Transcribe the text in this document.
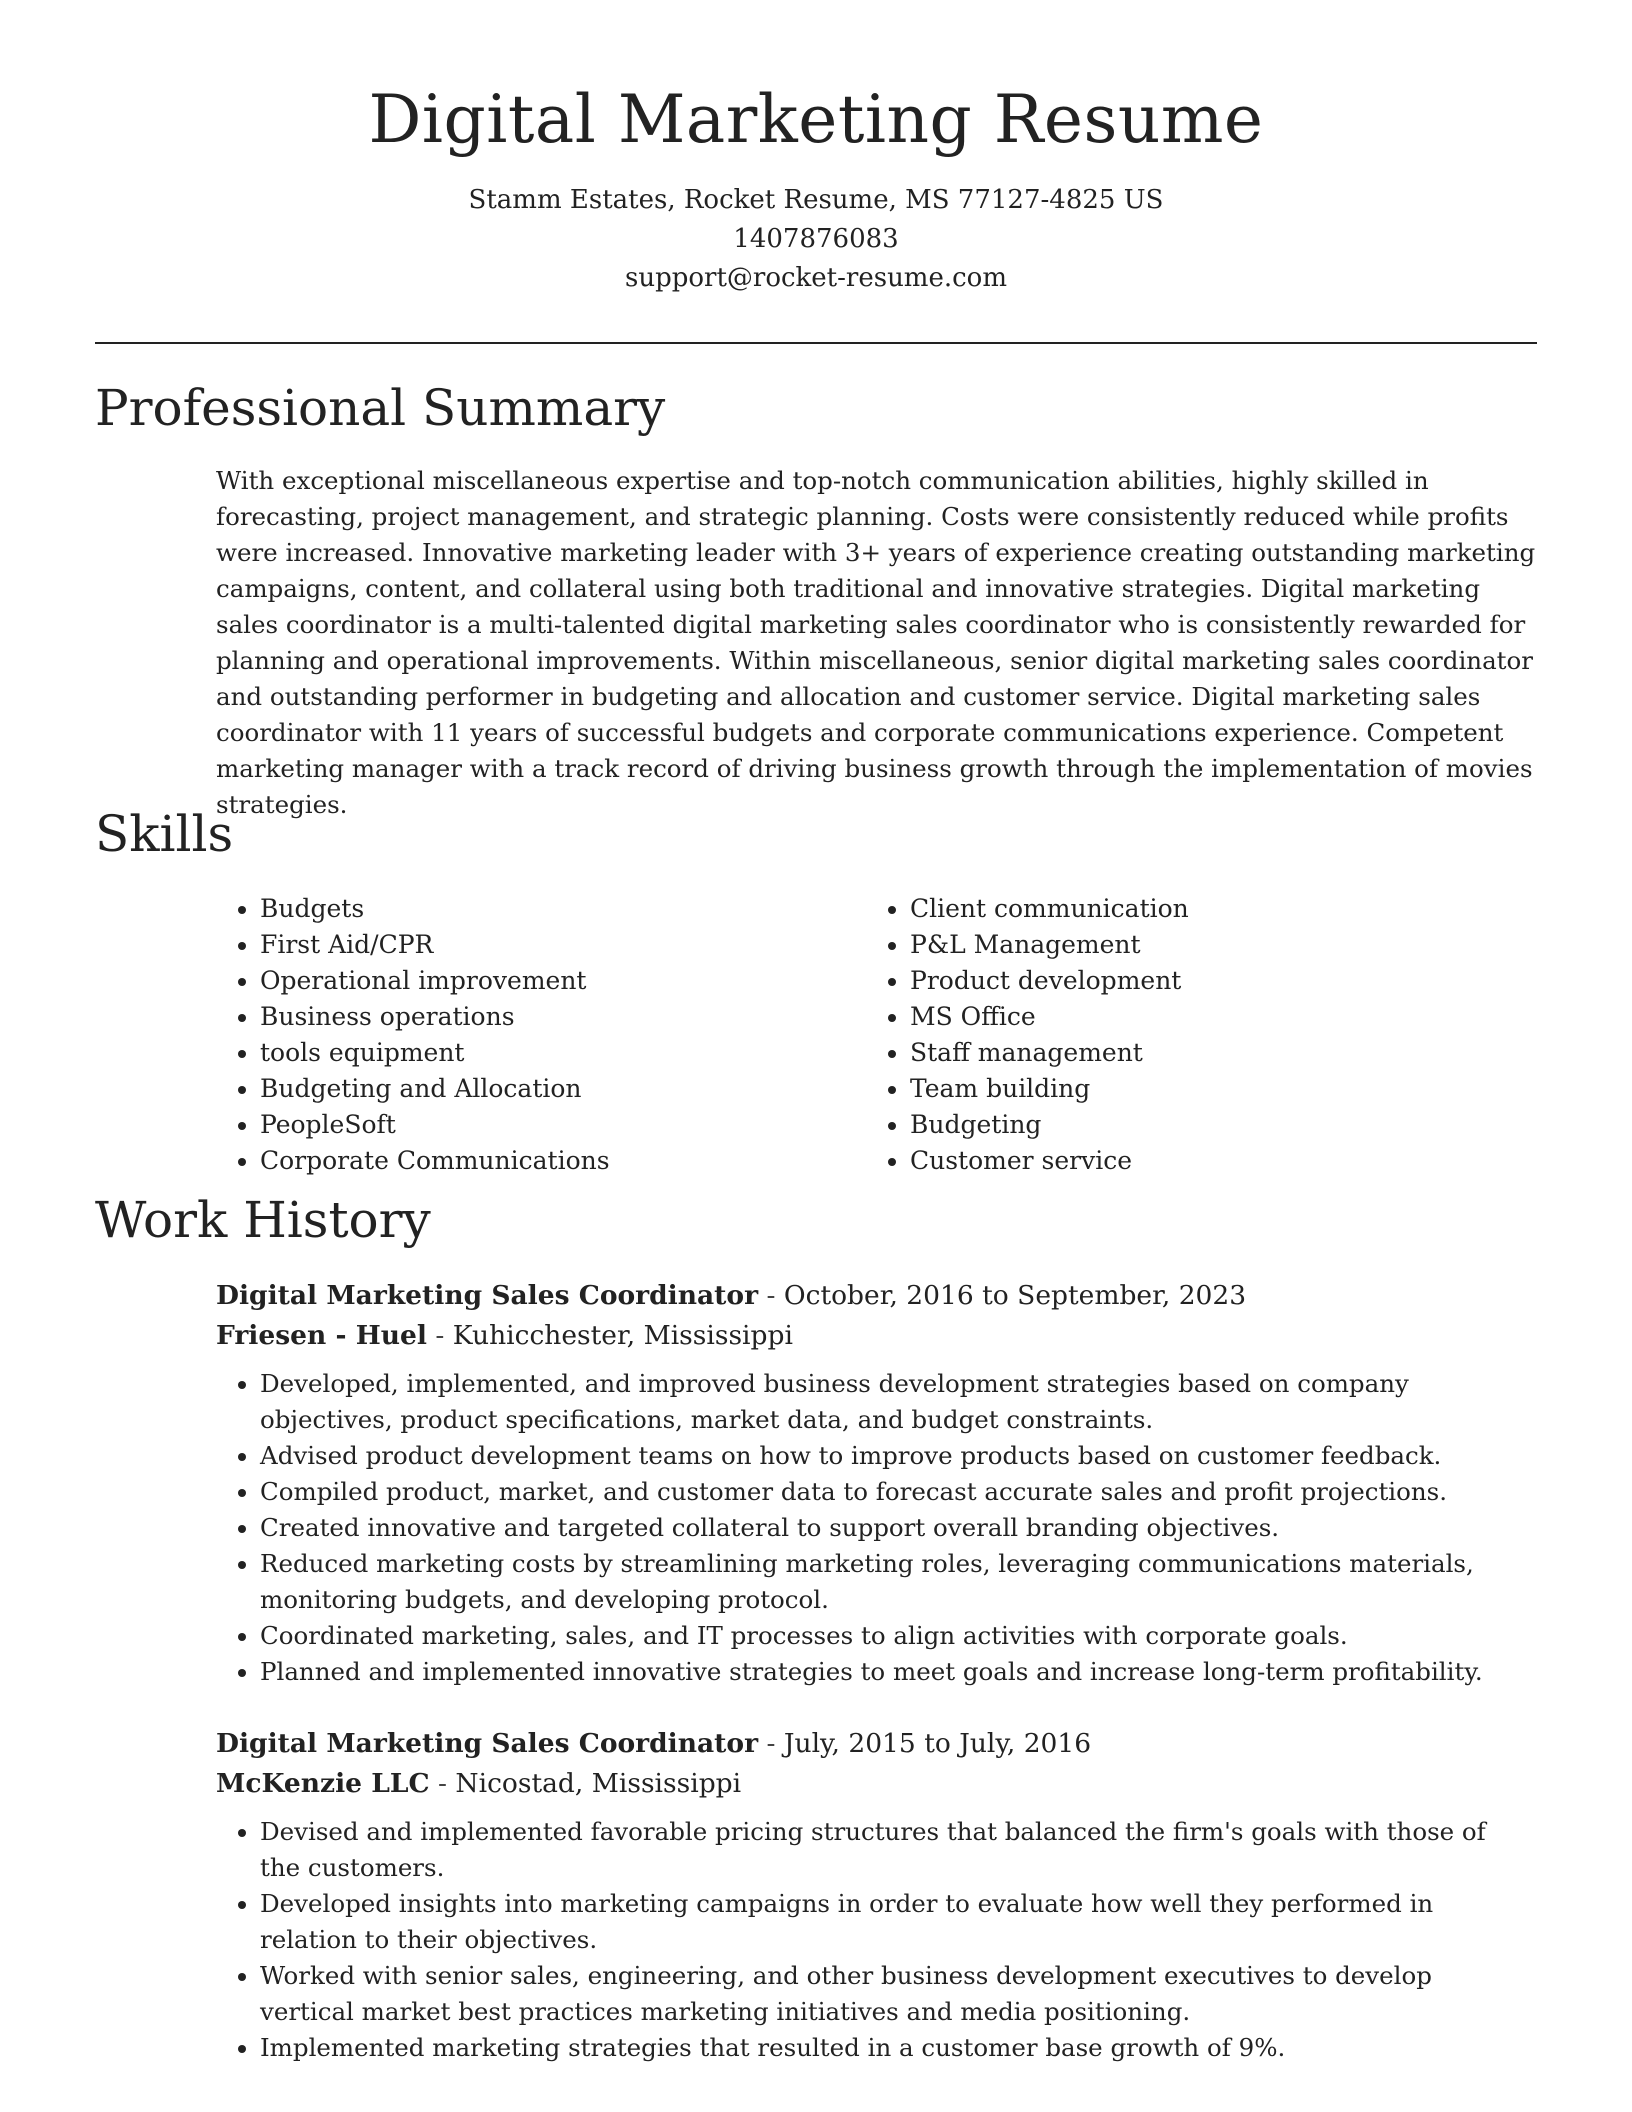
Digital Marketing Resume
Stamm Estates, Rocket Resume, MS 77127-4825 US
1407876083
support@rocket-resume.com
Professional Summary

With exceptional miscellaneous expertise and top-notch communication abilities, highly skilled in forecasting, project management, and strategic planning. Costs were consistently reduced while profits were increased. Innovative marketing leader with 3+ years of experience creating outstanding marketing campaigns, content, and collateral using both traditional and innovative strategies. Digital marketing sales coordinator is a multi-talented digital marketing sales coordinator who is consistently rewarded for planning and operational improvements. Within miscellaneous, senior digital marketing sales coordinator and outstanding performer in budgeting and allocation and customer service. Digital marketing sales coordinator with 11 years of successful budgets and corporate communications experience. Competent marketing manager with a track record of driving business growth through the implementation of movies strategies.

Skills
• Budgets
• First Aid/CPR
• Operational improvement
• Business operations
• tools equipment
• Budgeting and Allocation
• PeopleSoft
• Corporate Communications
• Client communication
• P&L Management
• Product development
• MS Office
• Staff management
• Team building
• Budgeting
• Customer service
Work History
Digital Marketing Sales Coordinator - October, 2016 to September, 2023
Friesen - Huel - Kuhicchester, Mississippi
• Developed, implemented, and improved business development strategies based on company objectives, product specifications, market data, and budget constraints.
• Advised product development teams on how to improve products based on customer feedback.
• Compiled product, market, and customer data to forecast accurate sales and profit projections.
• Created innovative and targeted collateral to support overall branding objectives.
• Reduced marketing costs by streamlining marketing roles, leveraging communications materials, monitoring budgets, and developing protocol.
• Coordinated marketing, sales, and IT processes to align activities with corporate goals.
• Planned and implemented innovative strategies to meet goals and increase long-term profitability.
Digital Marketing Sales Coordinator - July, 2015 to July, 2016
McKenzie LLC - Nicostad, Mississippi
• Devised and implemented favorable pricing structures that balanced the firm's goals with those of the customers.
• Developed insights into marketing campaigns in order to evaluate how well they performed in relation to their objectives.
• Worked with senior sales, engineering, and other business development executives to develop vertical market best practices marketing initiatives and media positioning.
• Implemented marketing strategies that resulted in a customer base growth of 9%.
